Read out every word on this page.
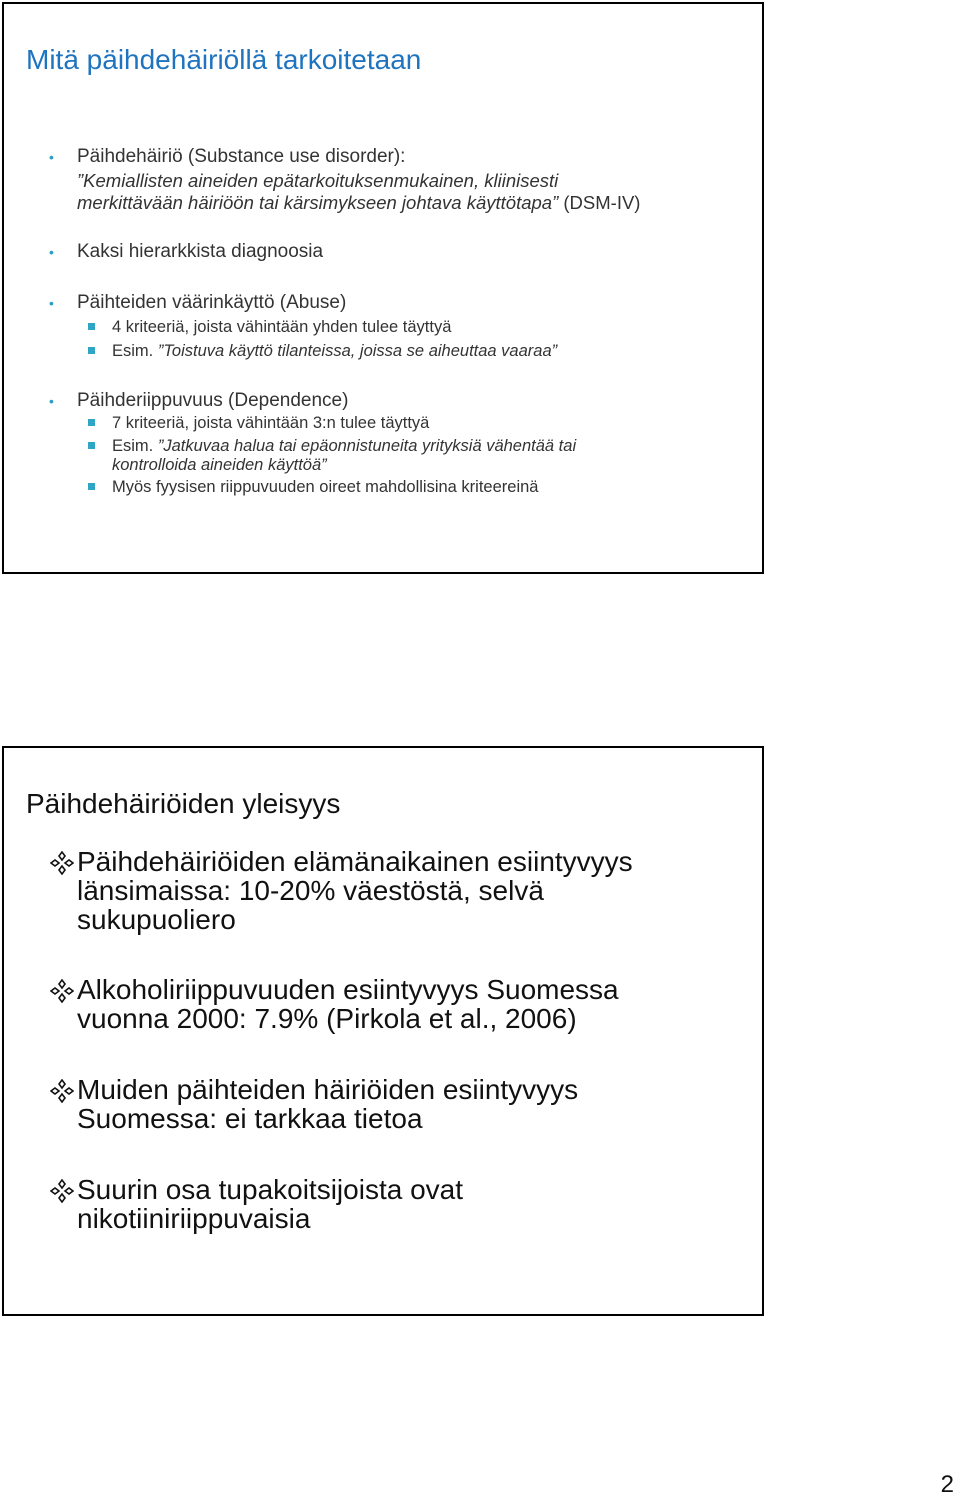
Mitä päihdehäiriöllä tarkoitetaan
• Päihdehäiriö (Substance use disorder):
”Kemiallisten aineiden epätarkoituksenmukainen, kliinisesti
merkittävään häiriöön tai kärsimykseen johtava käyttötapa” (DSM-IV)
• Kaksi hierarkkista diagnoosia
• Päihteiden väärinkäyttö (Abuse)
4 kriteeriä, joista vähintään yhden tulee täyttyä
Esim. ”Toistuva käyttö tilanteissa, joissa se aiheuttaa vaaraa”
• Päihderiippuvuus (Dependence)
7 kriteeriä, joista vähintään 3:n tulee täyttyä
Esim. ”Jatkuvaa halua tai epäonnistuneita yrityksiä vähentää tai
kontrolloida aineiden käyttöä”
Myös fyysisen riippuvuuden oireet mahdollisina kriteereinä
Päihdehäiriöiden yleisyys
Päihdehäiriöiden elämänaikainen esiintyvyys
länsimaissa: 10-20% väestöstä, selvä
sukupuoliero
Alkoholiriippuvuuden esiintyvyys Suomessa
vuonna 2000: 7.9% (Pirkola et al., 2006)
Muiden päihteiden häiriöiden esiintyvyys
Suomessa: ei tarkkaa tietoa
Suurin osa tupakoitsijoista ovat
nikotiiniriippuvaisia
2
